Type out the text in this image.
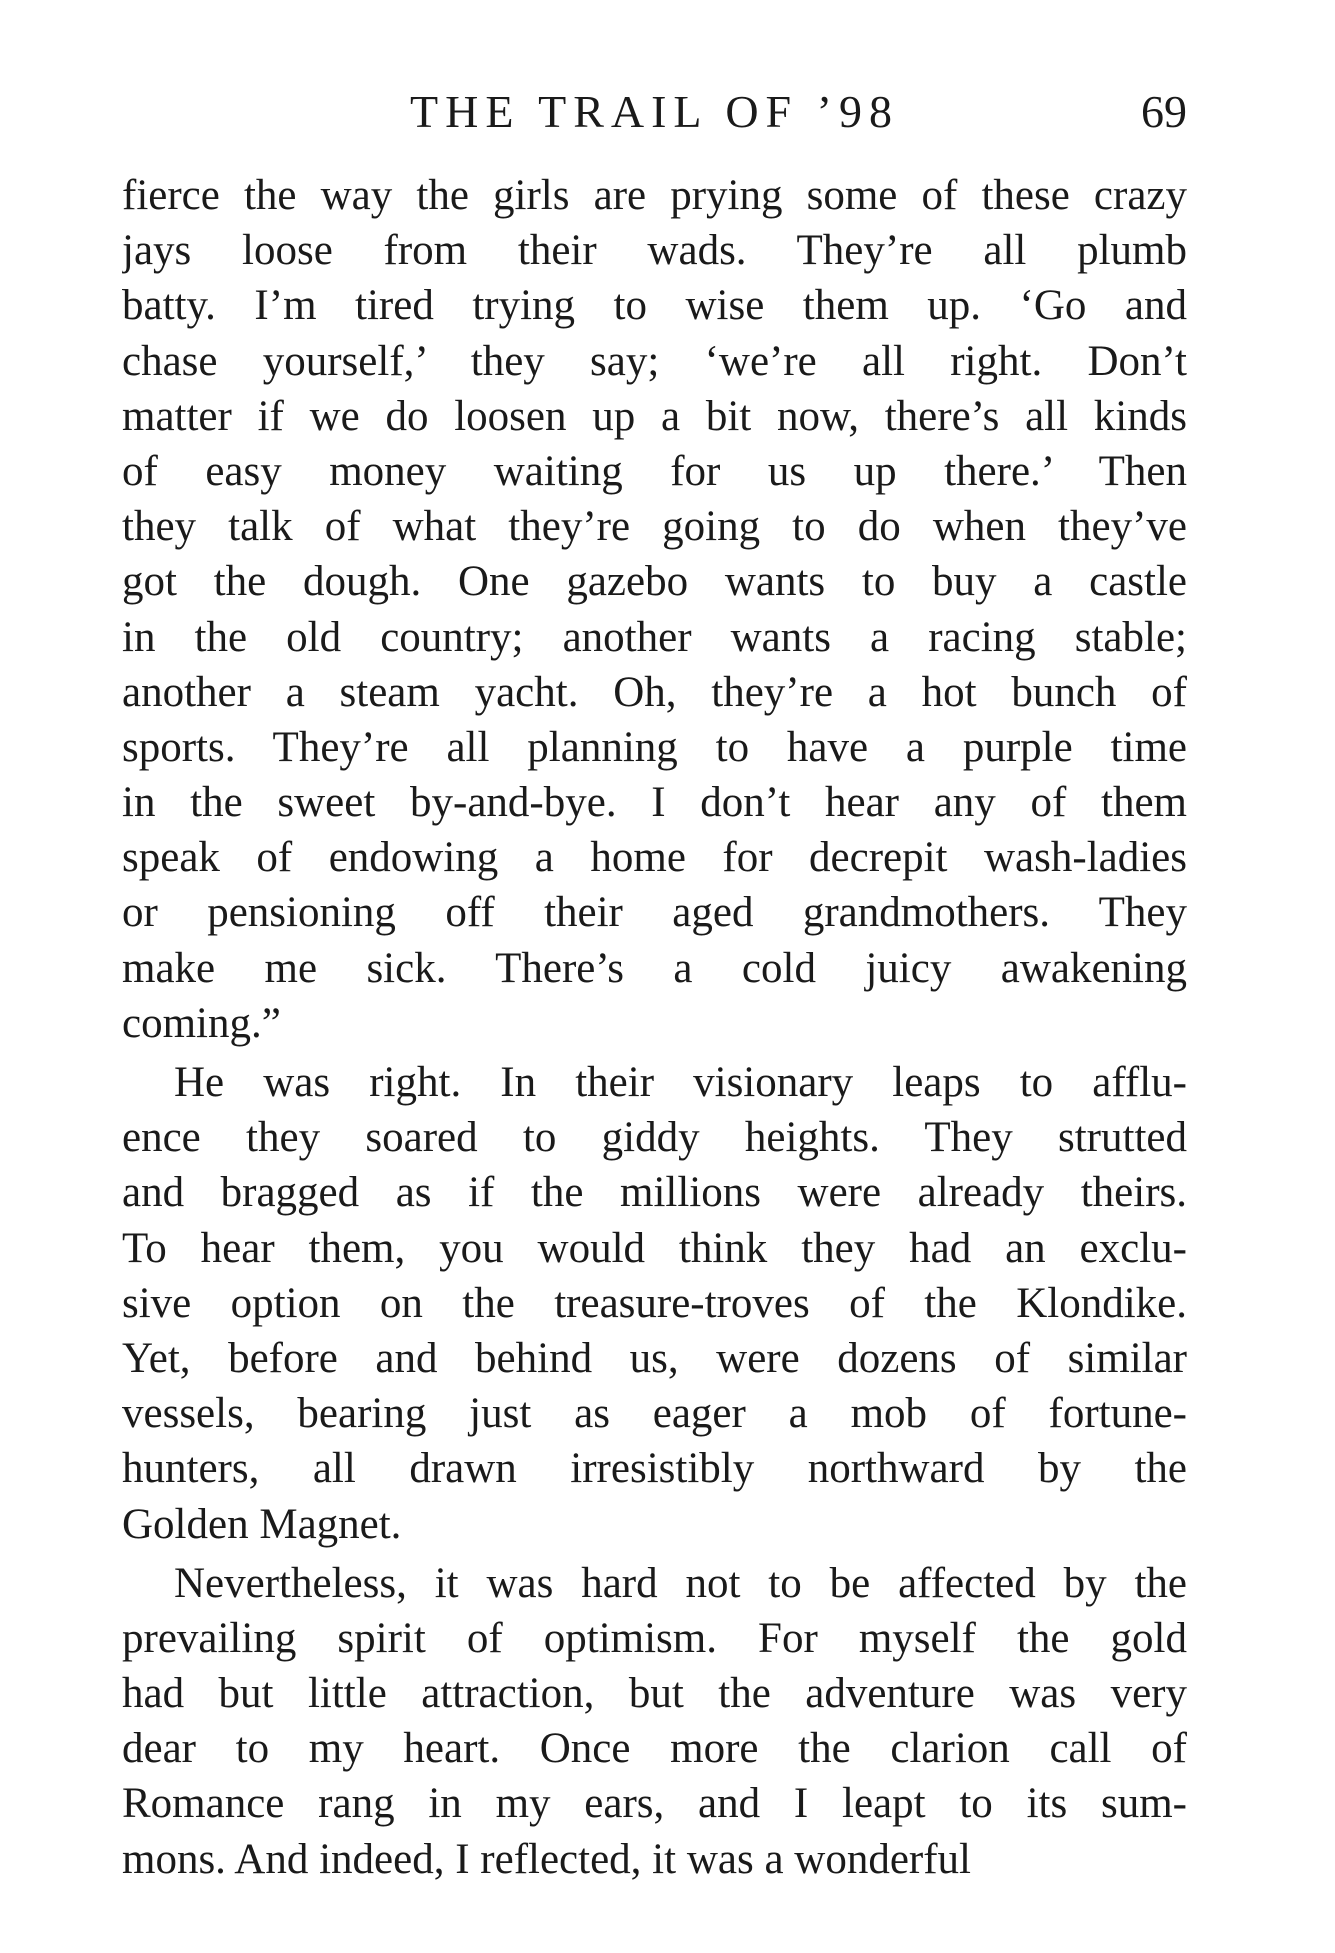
THE TRAIL OF ’98	69
fierce the way the girls are prying some of these crazy
jays loose from their wads. They’re all plumb
batty. I’m tired trying to wise them up. ‘Go and
chase yourself,’ they say; ‘we’re all right. Don’t
matter if we do loosen up a bit now, there’s all kinds
of easy money waiting for us up there.’ Then
they talk of what they’re going to do when they’ve
got the dough. One gazebo wants to buy a castle
in the old country; another wants a racing stable;
another a steam yacht. Oh, they’re a hot bunch of
sports. They’re all planning to have a purple time
in the sweet by-and-bye. I don’t hear any of them
speak of endowing a home for decrepit wash-ladies
or pensioning off their aged grandmothers. They
make me sick. There’s a cold juicy awakening
coming.”
He was right. In their visionary leaps to afflu-
ence they soared to giddy heights. They strutted
and bragged as if the millions were already theirs.
To hear them, you would think they had an exclu-
sive option on the treasure-troves of the Klondike.
Yet, before and behind us, were dozens of similar
vessels, bearing just as eager a mob of fortune-
hunters, all drawn irresistibly northward by the
Golden Magnet.
Nevertheless, it was hard not to be affected by the
prevailing spirit of optimism. For myself the gold
had but little attraction, but the adventure was very
dear to my heart. Once more the clarion call of
Romance rang in my ears, and I leapt to its sum-
mons. And indeed, I reflected, it was a wonderful
